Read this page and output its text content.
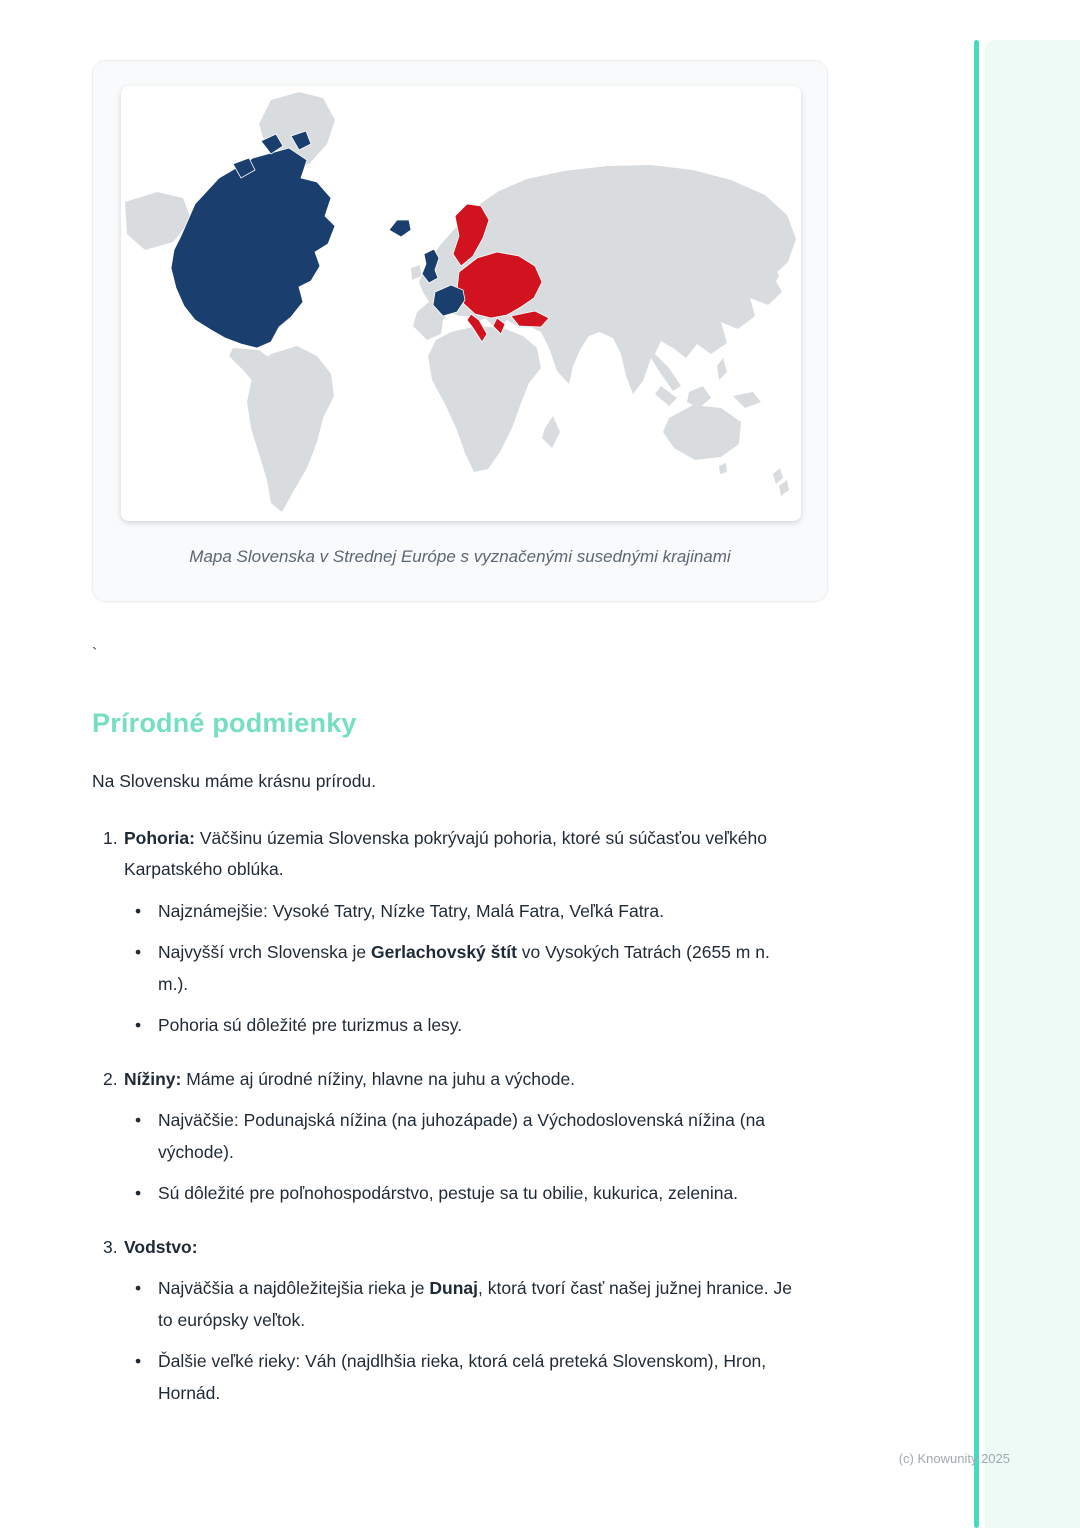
Mapa Slovenska v Strednej Európe s vyznačenými susednými krajinami
`
Prírodné podmienky

Na Slovensku máme krásnu prírodu.

1. Pohoria: Väčšinu územia Slovenska pokrývajú pohoria, ktoré sú súčasťou veľkého Karpatského oblúka.

• Najznámejšie: Vysoké Tatry, Nízke Tatry, Malá Fatra, Veľká Fatra.

• Najvyšší vrch Slovenska je Gerlachovský štít vo Vysokých Tatrách (2655 m n. m.).

• Pohoria sú dôležité pre turizmus a lesy.

2. Nížiny: Máme aj úrodné nížiny, hlavne na juhu a východe.

• Najväčšie: Podunajská nížina (na juhozápade) a Východoslovenská nížina (na východe).

• Sú dôležité pre poľnohospodárstvo, pestuje sa tu obilie, kukurica, zelenina.

3. Vodstvo:

• Najväčšia a najdôležitejšia rieka je Dunaj, ktorá tvorí časť našej južnej hranice. Je to európsky veľtok.

• Ďalšie veľké rieky: Váh (najdlhšia rieka, ktorá celá preteká Slovenskom), Hron, Hornád.

(c) Knowunity 2025
